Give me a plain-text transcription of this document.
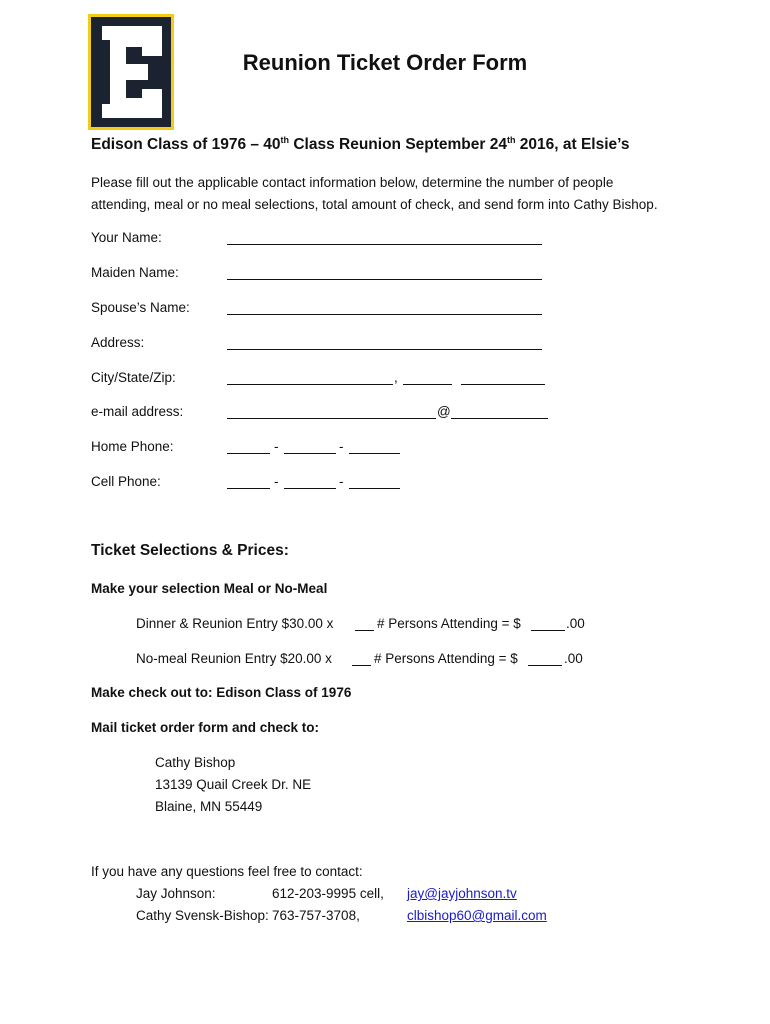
Reunion Ticket Order Form
Edison Class of 1976 – 40th Class Reunion September 24th 2016, at Elsie’s
Please fill out the applicable contact information below, determine the number of people
attending, meal or no meal selections, total amount of check, and send form into Cathy Bishop.
Your Name:
Maiden Name:
Spouse’s Name:
Address:
City/State/Zip:	,
e-mail address:	@
Home Phone:	-	-
Cell Phone:	-	-
Ticket Selections & Prices:
Make your selection Meal or No-Meal
Dinner & Reunion Entry $30.00 x	# Persons Attending = $	.00
No-meal Reunion Entry $20.00 x	# Persons Attending = $	.00
Make check out to: Edison Class of 1976
Mail ticket order form and check to:
Cathy Bishop
13139 Quail Creek Dr. NE
Blaine, MN 55449
If you have any questions feel free to contact:
Jay Johnson:	612-203-9995 cell, jay@jayjohnson.tv
Cathy Svensk-Bishop: 763-757-3708,	clbishop60@gmail.com
